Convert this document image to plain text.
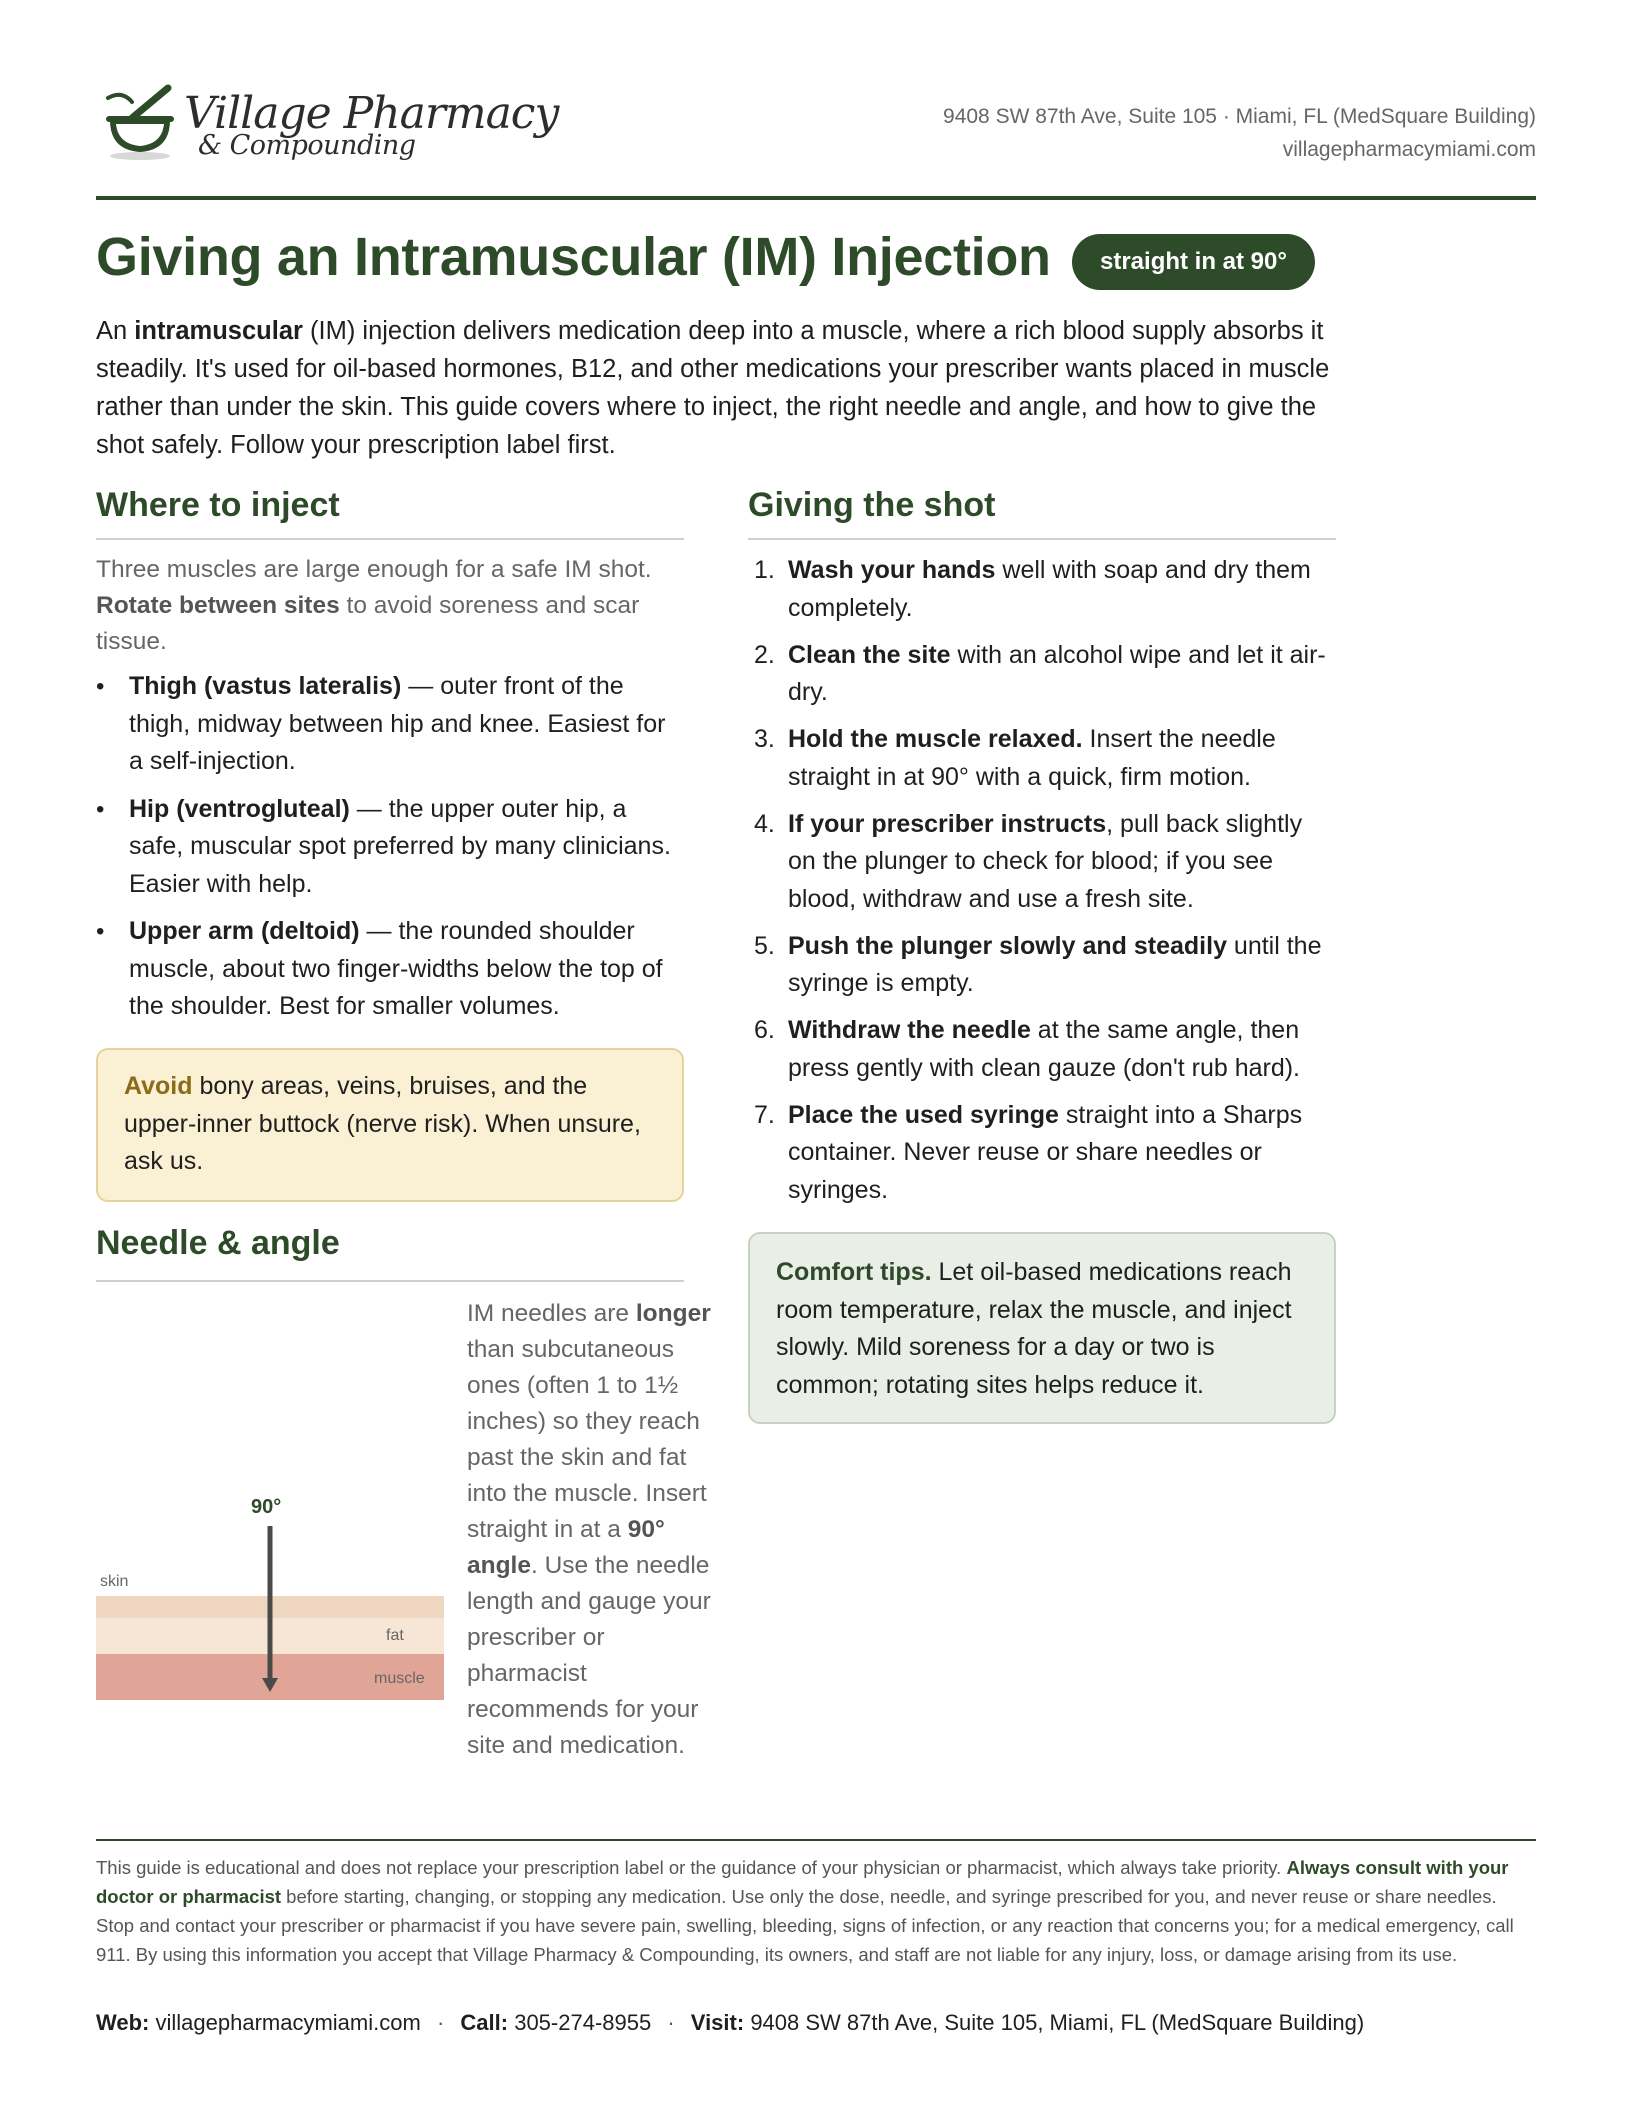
Village Pharmacy
& Compounding
9408 SW 87th Ave, Suite 105 · Miami, FL (MedSquare Building)
villagepharmacymiami.com
Giving an Intramuscular (IM) Injection	straight in at 90°
An intramuscular (IM) injection delivers medication deep into a muscle, where a rich blood supply absorbs it steadily. It's used for oil-based hormones, B12, and other medications your prescriber wants placed in muscle rather than under the skin. This guide covers where to inject, the right needle and angle, and how to give the shot safely. Follow your prescription label first.
Where to inject
Three muscles are large enough for a safe IM shot. Rotate between sites to avoid soreness and scar tissue.
• Thigh (vastus lateralis) — outer front of the thigh, midway between hip and knee. Easiest for a self-injection.
• Hip (ventrogluteal) — the upper outer hip, a safe, muscular spot preferred by many clinicians. Easier with help.
• Upper arm (deltoid) — the rounded shoulder muscle, about two finger-widths below the top of the shoulder. Best for smaller volumes.
Avoid bony areas, veins, bruises, and the upper-inner buttock (nerve risk). When unsure, ask us.
Needle & angle
90°
skin
fat
muscle
IM needles are longer than subcutaneous ones (often 1 to 1½ inches) so they reach past the skin and fat into the muscle. Insert straight in at a 90° angle. Use the needle length and gauge your prescriber or pharmacist recommends for your site and medication.
Giving the shot
1. Wash your hands well with soap and dry them completely.
2. Clean the site with an alcohol wipe and let it air-dry.
3. Hold the muscle relaxed. Insert the needle straight in at 90° with a quick, firm motion.
4. If your prescriber instructs, pull back slightly on the plunger to check for blood; if you see blood, withdraw and use a fresh site.
5. Push the plunger slowly and steadily until the syringe is empty.
6. Withdraw the needle at the same angle, then press gently with clean gauze (don't rub hard).
7. Place the used syringe straight into a Sharps container. Never reuse or share needles or syringes.
Comfort tips. Let oil-based medications reach room temperature, relax the muscle, and inject slowly. Mild soreness for a day or two is common; rotating sites helps reduce it.
This guide is educational and does not replace your prescription label or the guidance of your physician or pharmacist, which always take priority. Always consult with your doctor or pharmacist before starting, changing, or stopping any medication. Use only the dose, needle, and syringe prescribed for you, and never reuse or share needles. Stop and contact your prescriber or pharmacist if you have severe pain, swelling, bleeding, signs of infection, or any reaction that concerns you; for a medical emergency, call 911. By using this information you accept that Village Pharmacy & Compounding, its owners, and staff are not liable for any injury, loss, or damage arising from its use.
Web: villagepharmacymiami.com · Call: 305-274-8955 · Visit: 9408 SW 87th Ave, Suite 105, Miami, FL (MedSquare Building)
